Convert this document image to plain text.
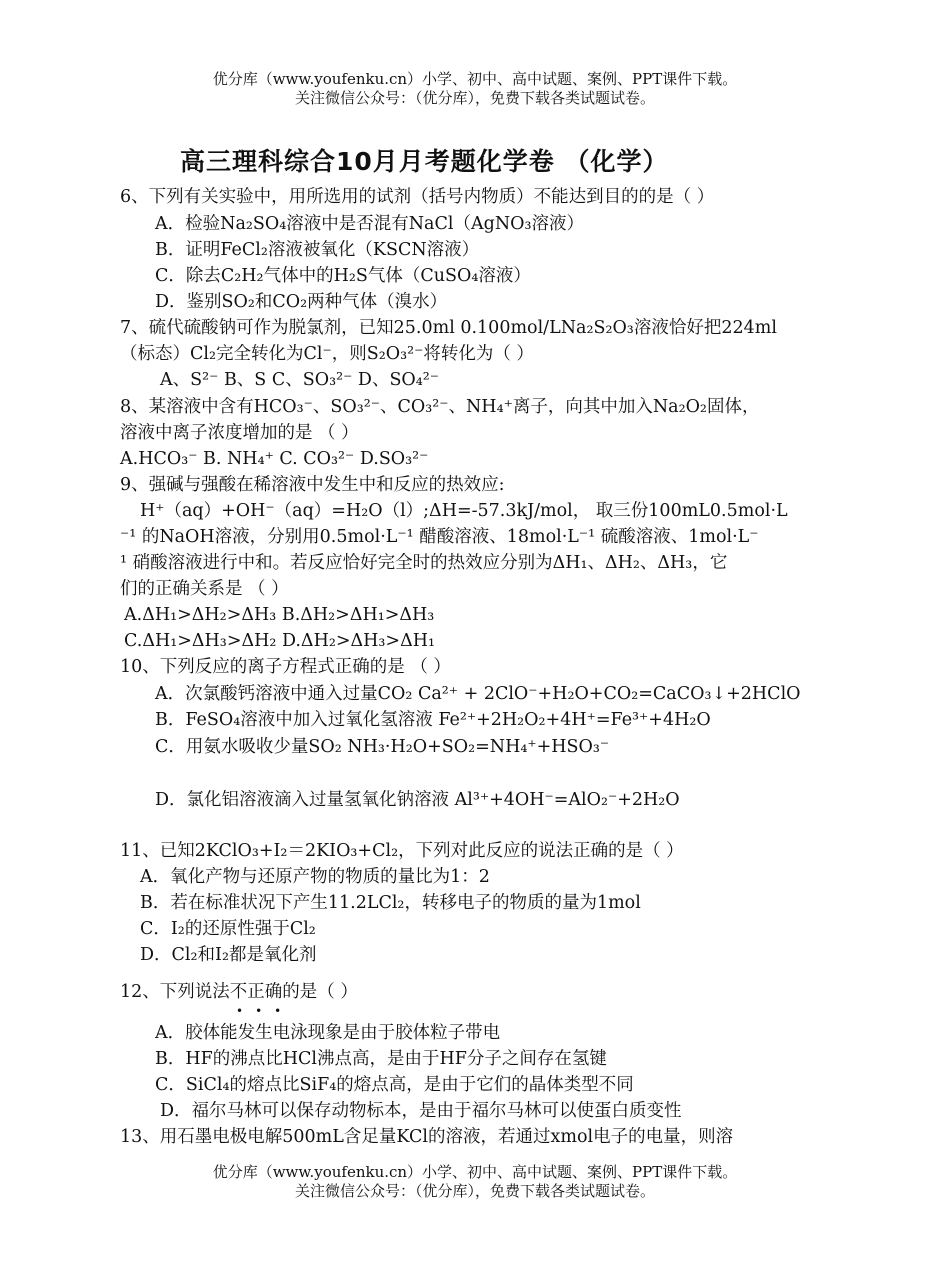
优分库（www.youfenku.cn）小学、初中、高中试题、案例、PPT课件下载。
关注微信公众号：（优分库），免费下载各类试题试卷。
高三理科综合10月月考题化学卷 （化学）
6、下列有关实验中，用所选用的试剂（括号内物质）不能达到目的的是（ ）
A．检验Na₂SO₄溶液中是否混有NaCl（AgNO₃溶液）
B．证明FeCl₂溶液被氧化（KSCN溶液）
C．除去C₂H₂气体中的H₂S气体（CuSO₄溶液）
D．鉴别SO₂和CO₂两种气体（溴水）
7、硫代硫酸钠可作为脱氯剂，已知25.0ml 0.100mol/LNa₂S₂O₃溶液恰好把224ml
（标态）Cl₂完全转化为Cl⁻，则S₂O₃²⁻将转化为（ ）
A、S²⁻ B、S C、SO₃²⁻ D、SO₄²⁻
8、某溶液中含有HCO₃⁻、SO₃²⁻、CO₃²⁻、NH₄⁺离子，向其中加入Na₂O₂固体，
溶液中离子浓度增加的是 （ ）
A.HCO₃⁻ B. NH₄⁺ C. CO₃²⁻ D.SO₃²⁻
9、强碱与强酸在稀溶液中发生中和反应的热效应:
H⁺（aq）+OH⁻（aq）=H₂O（l）;ΔH=-57.3kJ/mol， 取三份100mL0.5mol·L
⁻¹ 的NaOH溶液，分别用0.5mol·L⁻¹ 醋酸溶液、18mol·L⁻¹ 硫酸溶液、1mol·L⁻
¹ 硝酸溶液进行中和。若反应恰好完全时的热效应分别为ΔH₁、ΔH₂、ΔH₃，它
们的正确关系是 （ ）
A.ΔH₁>ΔH₂>ΔH₃ B.ΔH₂>ΔH₁>ΔH₃
C.ΔH₁>ΔH₃>ΔH₂ D.ΔH₂>ΔH₃>ΔH₁
10、下列反应的离子方程式正确的是 （ ）
A．次氯酸钙溶液中通入过量CO₂ Ca²⁺ + 2ClO⁻+H₂O+CO₂=CaCO₃↓+2HClO
B．FeSO₄溶液中加入过氧化氢溶液 Fe²⁺+2H₂O₂+4H⁺=Fe³⁺+4H₂O
C．用氨水吸收少量SO₂ NH₃·H₂O+SO₂=NH₄⁺+HSO₃⁻
D．氯化铝溶液滴入过量氢氧化钠溶液 Al³⁺+4OH⁻=AlO₂⁻+2H₂O
11、已知2KClO₃+I₂＝2KIO₃+Cl₂，下列对此反应的说法正确的是（ ）
A．氧化产物与还原产物的物质的量比为1：2
B．若在标准状况下产生11.2LCl₂，转移电子的物质的量为1mol
C．I₂的还原性强于Cl₂
D．Cl₂和I₂都是氧化剂
12、下列说法不正确的是（ ）
•••
A．胶体能发生电泳现象是由于胶体粒子带电
B．HF的沸点比HCl沸点高，是由于HF分子之间存在氢键
C．SiCl₄的熔点比SiF₄的熔点高，是由于它们的晶体类型不同
D．福尔马林可以保存动物标本，是由于福尔马林可以使蛋白质变性
13、用石墨电极电解500mL含足量KCl的溶液，若通过xmol电子的电量，则溶
优分库（www.youfenku.cn）小学、初中、高中试题、案例、PPT课件下载。
关注微信公众号：（优分库），免费下载各类试题试卷。
